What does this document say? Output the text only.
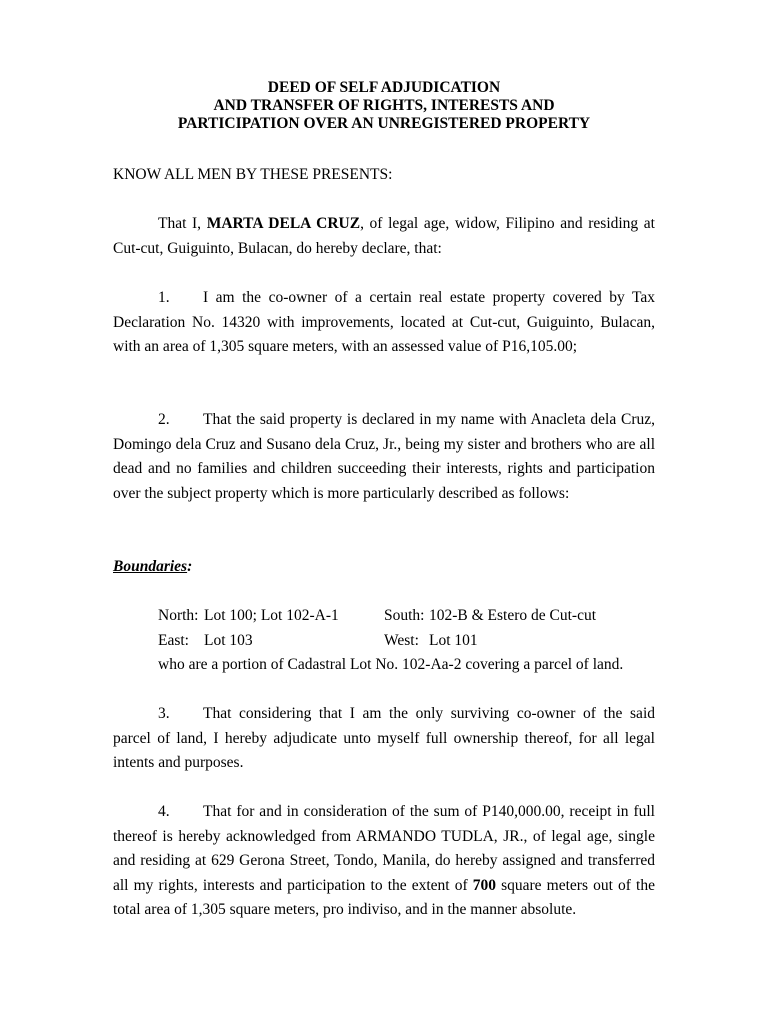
DEED OF SELF ADJUDICATION
AND TRANSFER OF RIGHTS, INTERESTS AND
PARTICIPATION OVER AN UNREGISTERED PROPERTY
KNOW ALL MEN BY THESE PRESENTS:
That I, MARTA DELA CRUZ, of legal age, widow, Filipino and residing at Cut-cut, Guiguinto, Bulacan, do hereby declare, that:
1. I am the co-owner of a certain real estate property covered by Tax Declaration No. 14320 with improvements, located at Cut-cut, Guiguinto, Bulacan, with an area of 1,305 square meters, with an assessed value of P16,105.00;
2. That the said property is declared in my name with Anacleta dela Cruz, Domingo dela Cruz and Susano dela Cruz, Jr., being my sister and brothers who are all dead and no families and children succeeding their interests, rights and participation over the subject property which is more particularly described as follows:
Boundaries:
North: Lot 100; Lot 102-A-1	South: 102-B & Estero de Cut-cut
East: Lot 103	West: Lot 101
who are a portion of Cadastral Lot No. 102-Aa-2 covering a parcel of land.
3. That considering that I am the only surviving co-owner of the said parcel of land, I hereby adjudicate unto myself full ownership thereof, for all legal intents and purposes.
4. That for and in consideration of the sum of P140,000.00, receipt in full thereof is hereby acknowledged from ARMANDO TUDLA, JR., of legal age, single and residing at 629 Gerona Street, Tondo, Manila, do hereby assigned and transferred all my rights, interests and participation to the extent of 700 square meters out of the total area of 1,305 square meters, pro indiviso, and in the manner absolute.
